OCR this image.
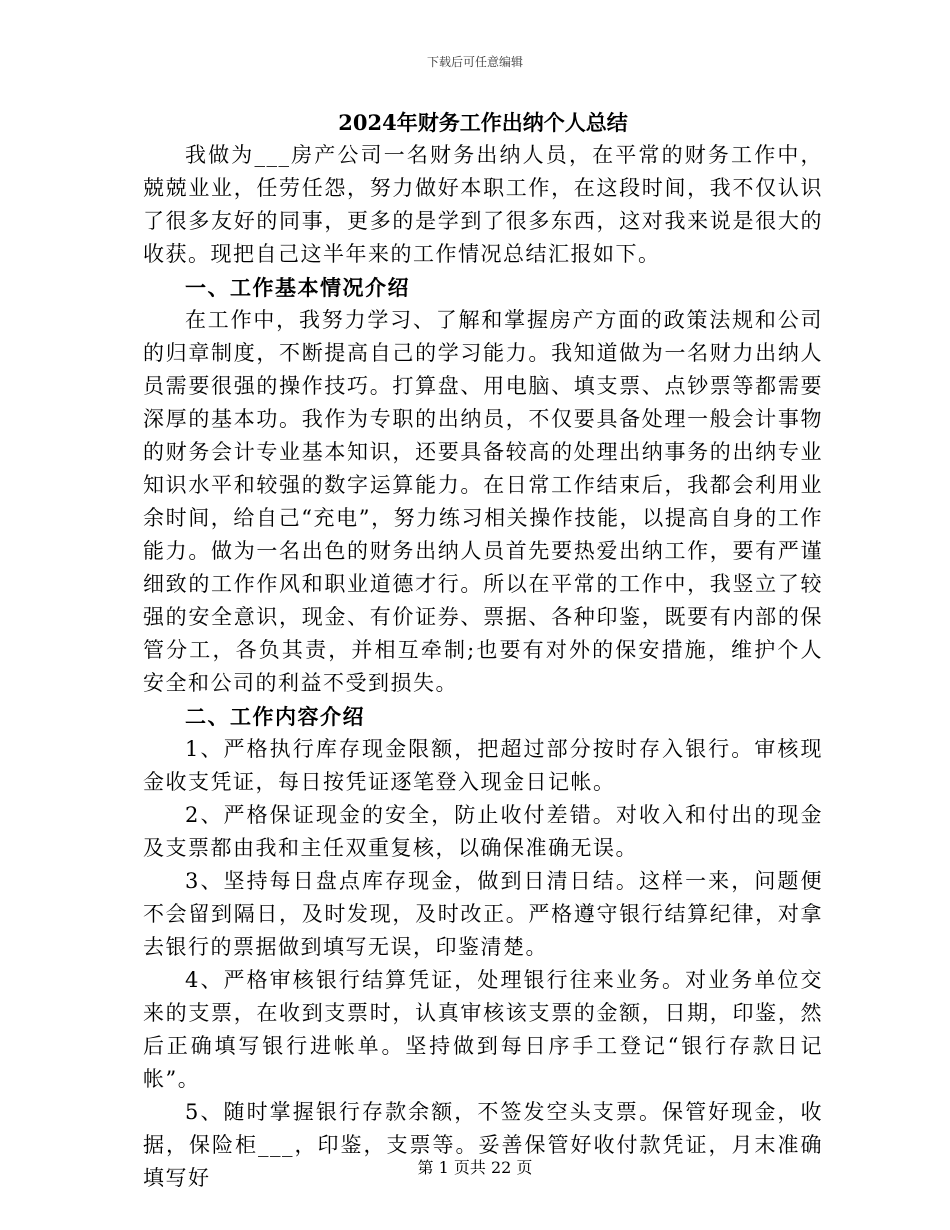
下载后可任意编辑
2024年财务工作出纳个人总结

我做为___房产公司一名财务出纳人员，在平常的财务工作中，兢兢业业，任劳任怨，努力做好本职工作，在这段时间，我不仅认识了很多友好的同事，更多的是学到了很多东西，这对我来说是很大的收获。现把自己这半年来的工作情况总结汇报如下。

一、工作基本情况介绍

在工作中，我努力学习、了解和掌握房产方面的政策法规和公司的归章制度，不断提高自己的学习能力。我知道做为一名财力出纳人员需要很强的操作技巧。打算盘、用电脑、填支票、点钞票等都需要深厚的基本功。我作为专职的出纳员，不仅要具备处理一般会计事物的财务会计专业基本知识，还要具备较高的处理出纳事务的出纳专业知识水平和较强的数字运算能力。在日常工作结束后，我都会利用业余时间，给自己“充电”，努力练习相关操作技能，以提高自身的工作能力。做为一名出色的财务出纳人员首先要热爱出纳工作，要有严谨细致的工作作风和职业道德才行。所以在平常的工作中，我竖立了较强的安全意识，现金、有价证券、票据、各种印鉴，既要有内部的保管分工，各负其责，并相互牵制;也要有对外的保安措施，维护个人安全和公司的利益不受到损失。

二、工作内容介绍

1、严格执行库存现金限额，把超过部分按时存入银行。审核现金收支凭证，每日按凭证逐笔登入现金日记帐。

2、严格保证现金的安全，防止收付差错。对收入和付出的现金及支票都由我和主任双重复核，以确保准确无误。

3、坚持每日盘点库存现金，做到日清日结。这样一来，问题便不会留到隔日，及时发现，及时改正。严格遵守银行结算纪律，对拿去银行的票据做到填写无误，印鉴清楚。

4、严格审核银行结算凭证，处理银行往来业务。对业务单位交来的支票，在收到支票时，认真审核该支票的金额，日期，印鉴，然后正确填写银行进帐单。坚持做到每日序手工登记“银行存款日记帐”。

5、随时掌握银行存款余额，不签发空头支票。保管好现金，收据，保险柜___，印鉴，支票等。妥善保管好收付款凭证，月末准确填写好	第 1 页共 22 页
